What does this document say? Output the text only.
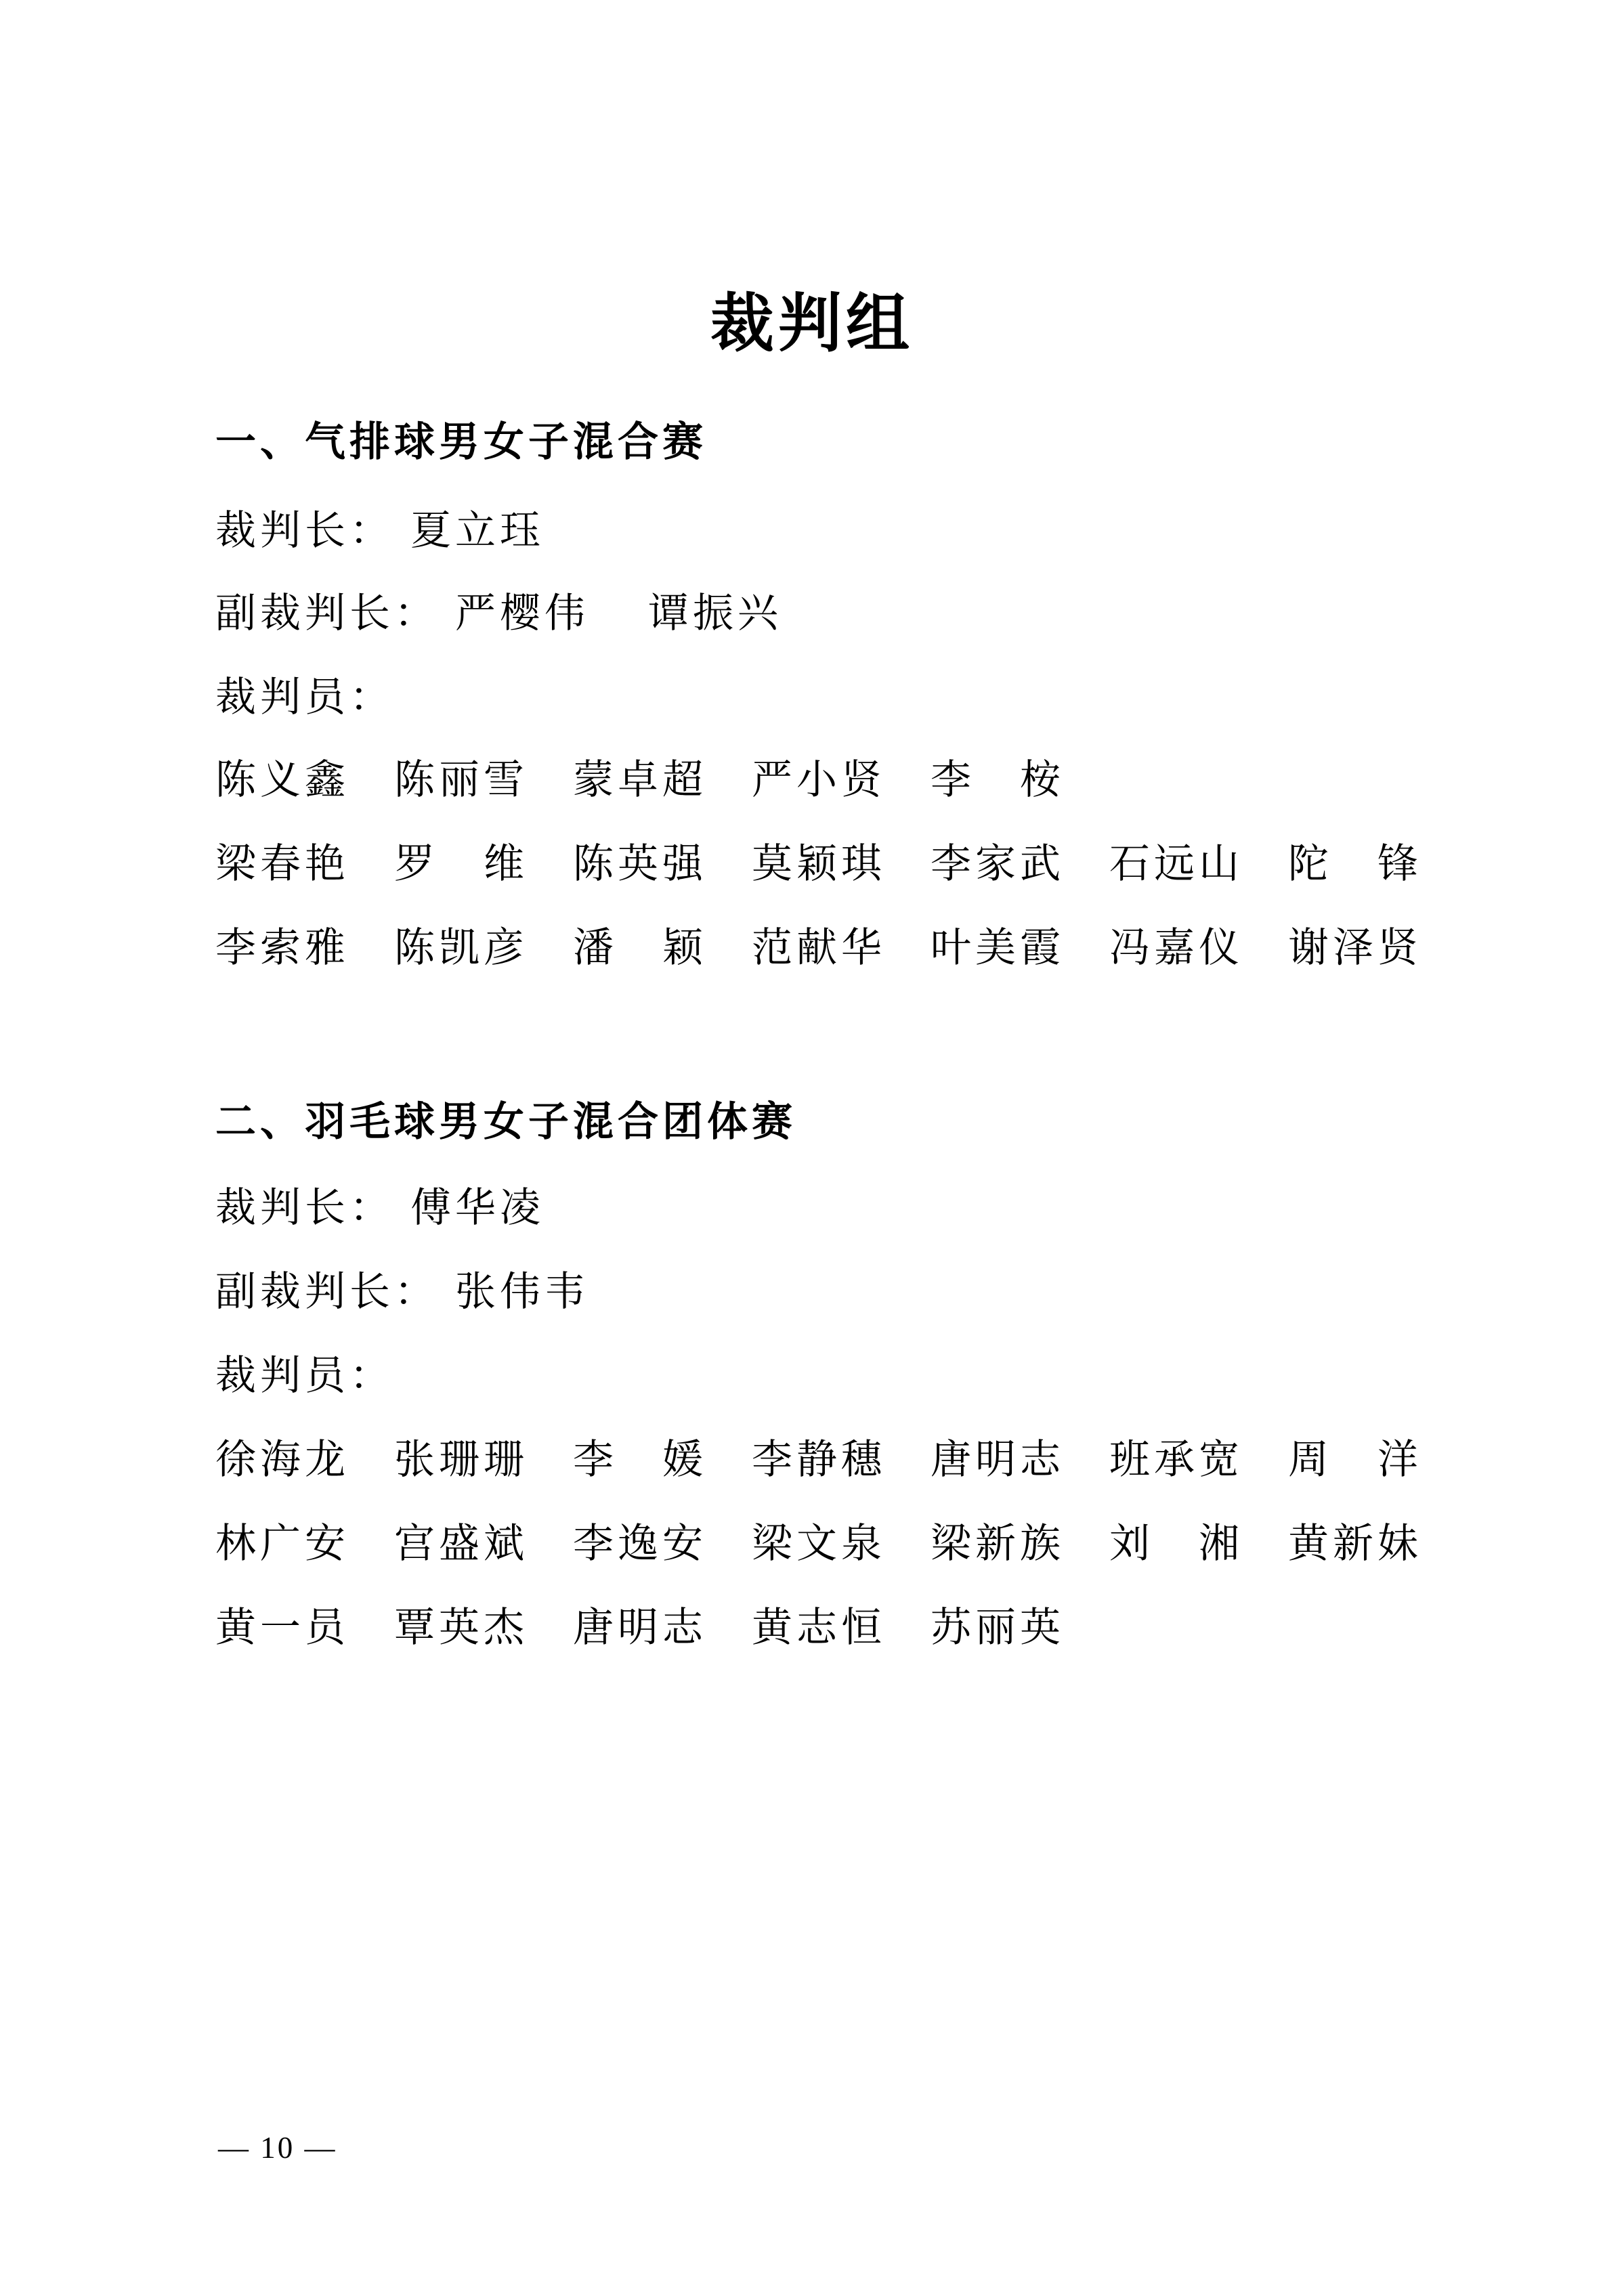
裁判组
一、气排球男女子混合赛
裁判长： 夏立珏
副裁判长： 严樱伟　 谭振兴
裁判员：
陈义鑫　陈丽雪　蒙卓超　严小贤　李　桉
梁春艳　罗　维　陈英强　莫颖琪　李家武　石远山　陀　锋
李索雅　陈凯彦　潘　颖　范献华　叶美霞　冯嘉仪　谢泽贤
二、羽毛球男女子混合团体赛
裁判长： 傅华凌
副裁判长： 张伟韦
裁判员：
徐海龙　张珊珊　李　媛　李静穗　唐明志　班承宽　周　洋
林广安　宫盛斌　李逸安　梁文泉　梁新族　刘　湘　黄新妹
黄一员　覃英杰　唐明志　黄志恒　苏丽英
— 10 —
